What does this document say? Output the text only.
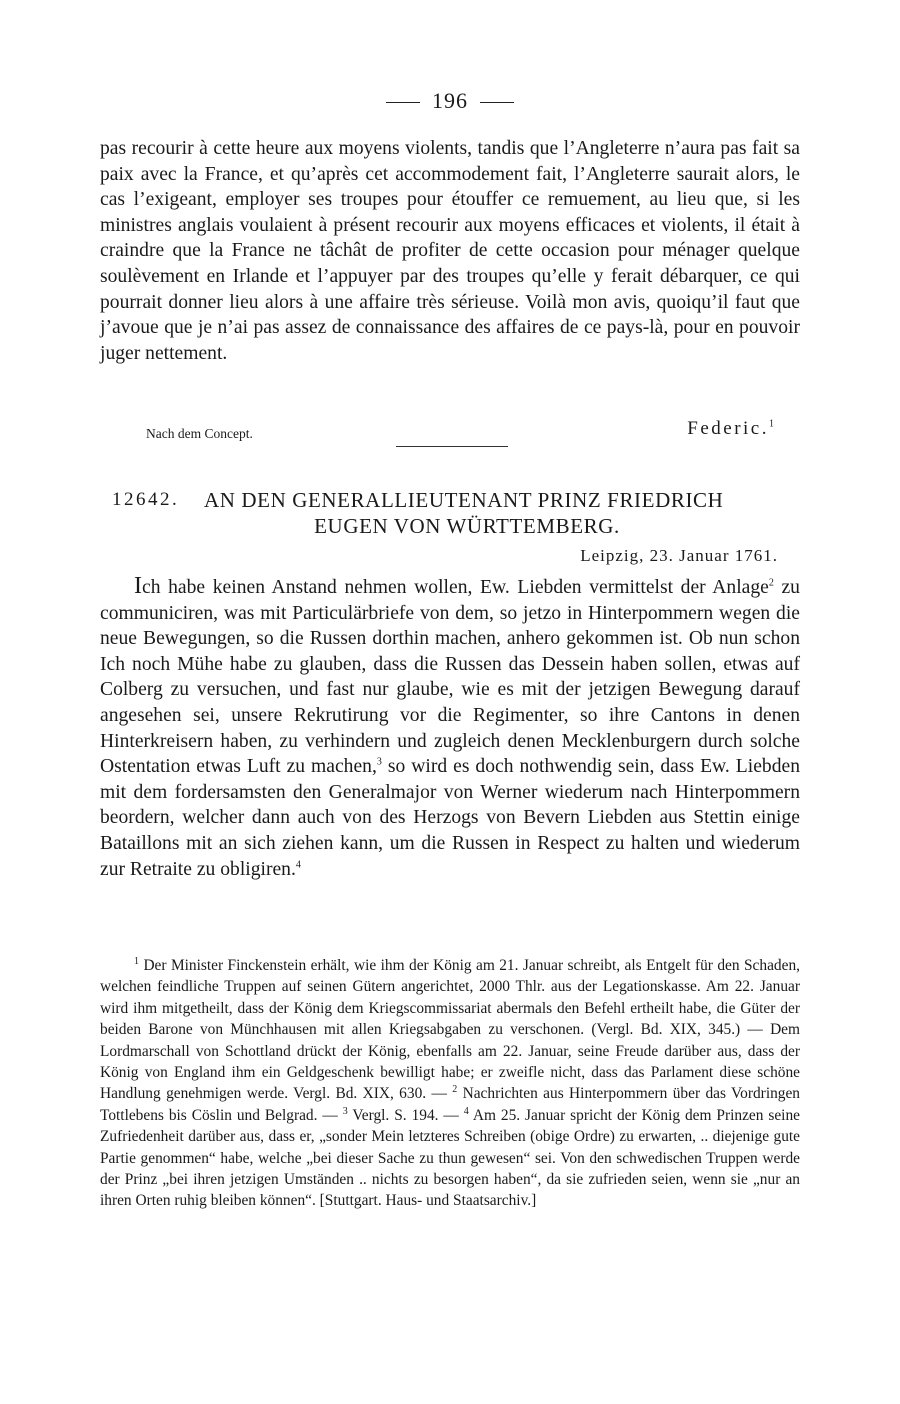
196

pas recourir à cette heure aux moyens violents, tandis que l’Angleterre n’aura pas fait sa paix avec la France, et qu’après cet accommodement fait, l’Angleterre saurait alors, le cas l’exigeant, employer ses troupes pour étouffer ce remuement, au lieu que, si les ministres anglais voulaient à présent recourir aux moyens efficaces et violents, il était à craindre que la France ne tâchât de profiter de cette occasion pour ménager quelque soulèvement en Irlande et l’appuyer par des troupes qu’elle y ferait débarquer, ce qui pourrait donner lieu alors à une affaire très sérieuse. Voilà mon avis, quoiqu’il faut que j’avoue que je n’ai pas assez de connaissance des affaires de ce pays-là, pour en pouvoir juger nettement.

Nach dem Concept.	Federic.$^1$
12642. AN DEN GENERALLIEUTENANT PRINZ FRIEDRICH
EUGEN VON WÜRTTEMBERG.
Leipzig, 23. Januar 1761.

Ich habe keinen Anstand nehmen wollen, Ew. Liebden vermittelst der Anlage$^2$ zu communiciren, was mit Particulärbriefe von dem, so jetzo in Hinterpommern wegen die neue Bewegungen, so die Russen dorthin machen, anhero gekommen ist. Ob nun schon Ich noch Mühe habe zu glauben, dass die Russen das Dessein haben sollen, etwas auf Colberg zu versuchen, und fast nur glaube, wie es mit der jetzigen Bewegung darauf angesehen sei, unsere Rekrutirung vor die Regimenter, so ihre Cantons in denen Hinterkreisern haben, zu verhindern und zugleich denen Mecklenburgern durch solche Ostentation etwas Luft zu machen,$^3$ so wird es doch nothwendig sein, dass Ew. Liebden mit dem fordersamsten den Generalmajor von Werner wiederum nach Hinterpommern beordern, welcher dann auch von des Herzogs von Bevern Liebden aus Stettin einige Bataillons mit an sich ziehen kann, um die Russen in Respect zu halten und wiederum zur Retraite zu obligiren.$^4$

$^1$ Der Minister Finckenstein erhält, wie ihm der König am 21. Januar schreibt, als Entgelt für den Schaden, welchen feindliche Truppen auf seinen Gütern angerichtet, 2000 Thlr. aus der Legationskasse. Am 22. Januar wird ihm mitgetheilt, dass der König dem Kriegscommissariat abermals den Befehl ertheilt habe, die Güter der beiden Barone von Münchhausen mit allen Kriegsabgaben zu verschonen. (Vergl. Bd. XIX, 345.) — Dem Lordmarschall von Schottland drückt der König, ebenfalls am 22. Januar, seine Freude darüber aus, dass der König von England ihm ein Geldgeschenk bewilligt habe; er zweifle nicht, dass das Parlament diese schöne Handlung genehmigen werde. Vergl. Bd. XIX, 630. — $^2$ Nachrichten aus Hinterpommern über das Vordringen Tottlebens bis Cöslin und Belgrad. — $^3$ Vergl. S. 194. — $^4$ Am 25. Januar spricht der König dem Prinzen seine Zufriedenheit darüber aus, dass er, „sonder Mein letzteres Schreiben (obige Ordre) zu erwarten, .. diejenige gute Partie genommen“ habe, welche „bei dieser Sache zu thun gewesen“ sei. Von den schwedischen Truppen werde der Prinz „bei ihren jetzigen Umständen .. nichts zu besorgen haben“, da sie zufrieden seien, wenn sie „nur an ihren Orten ruhig bleiben können“. [Stuttgart. Haus- und Staatsarchiv.]
